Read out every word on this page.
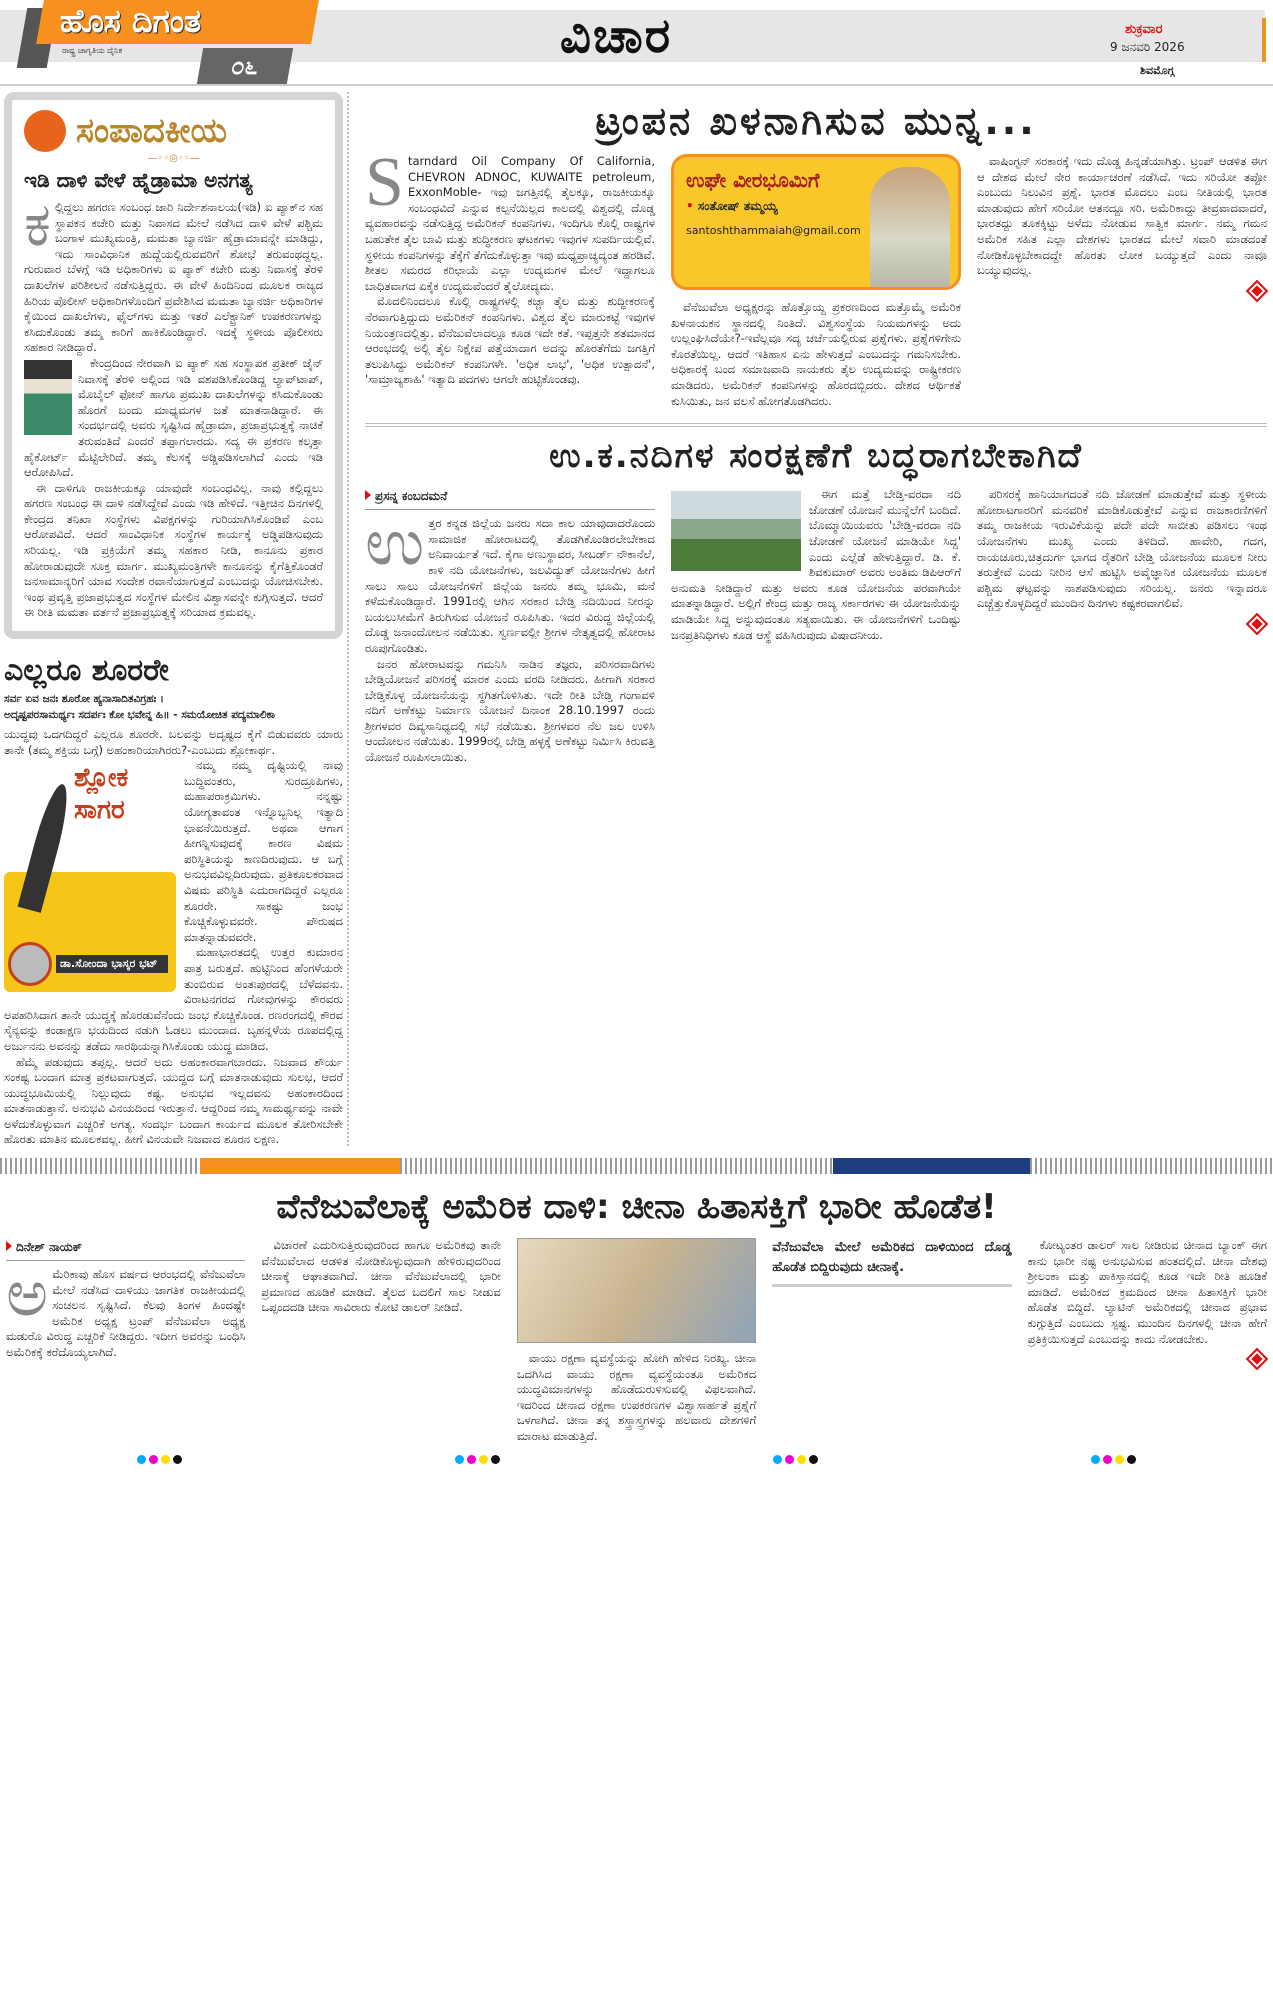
ಹೊಸ ದಿಗಂತ
ರಾಷ್ಟ್ರ ಜಾಗೃತಿಯ ದೈನಿಕ
೦೬
ವಿಚಾರ	ಶುಕ್ರವಾರ
9 ಜನವರಿ 2026
ಶಿವಮೊಗ್ಗ
ಸಂಪಾದಕೀಯ
—◦◦◎◦◦—
ಇಡಿ ದಾಳಿ ವೇಳೆ ಹೈಡ್ರಾಮಾ ಅನಗತ್ಯ
ಕ ಲ್ಲಿದ್ದಲು ಹಗರಣ ಸಂಬಂಧ ಜಾರಿ ನಿರ್ದೇಶನಾಲಯ(ಇಡಿ) ಐ ಪ್ಯಾಕ್‌ನ ಸಹ ಸ್ಥಾಪಕನ ಕಚೇರಿ ಮತ್ತು ನಿವಾಸದ ಮೇಲೆ ನಡೆಸಿದ ದಾಳಿ ವೇಳೆ ಪಶ್ಚಿಮ ಬಂಗಾಳ ಮುಖ್ಯಮಂತ್ರಿ, ಮಮತಾ ಬ್ಯಾನರ್ಜಿ ಹೈಡ್ರಾಮಾವನ್ನೇ ಮಾಡಿದ್ದು, ಇದು ಸಾಂವಿಧಾನಿಕ ಹುದ್ದೆಯಲ್ಲಿರುವವರಿಗೆ ಶೋಭೆ ತರುವಂಥದ್ದಲ್ಲ. ಗುರುವಾರ ಬೆಳಗ್ಗೆ ಇಡಿ ಅಧಿಕಾರಿಗಳು ಐ ಪ್ಯಾಕ್ ಕಚೇರಿ ಮತ್ತು ನಿವಾಸಕ್ಕೆ ತೆರಳಿ ದಾಖಲೆಗಳ ಪರಿಶೀಲನೆ ನಡೆಸುತ್ತಿದ್ದರು. ಈ ವೇಳೆ ಹಿಂದಿನಿಂದ ಮೂಲಕ ರಾಜ್ಯದ ಹಿರಿಯ ಪೊಲೀಸ್ ಅಧಿಕಾರಿಗಳೊಂದಿಗೆ ಪ್ರವೇಶಿಸಿದ ಮಮತಾ ಬ್ಯಾನರ್ಜಿ ಅಧಿಕಾರಿಗಳ ಕೈಯಿಂದ ದಾಖಲೆಗಳು, ಫೈಲ್‌ಗಳು ಮತ್ತು ಇತರೆ ಎಲೆಕ್ಟ್ರಾನಿಕ್ ಉಪಕರಣಗಳನ್ನು ಕಸಿದುಕೊಂಡು ತಮ್ಮ ಕಾರಿಗೆ ಹಾಕಿಕೊಂಡಿದ್ದಾರೆ. ಇದಕ್ಕೆ ಸ್ಥಳೀಯ ಪೊಲೀಸರು ಸಹಕಾರ ನೀಡಿದ್ದಾರೆ.

ಕೇಂದ್ರದಿಂದ ನೇರವಾಗಿ ಐ ಪ್ಯಾಕ್ ಸಹ ಸಂಸ್ಥಾಪಕ ಪ್ರತೀಕ್ ಜೈನ್ ನಿವಾಸಕ್ಕೆ ತೆರಳಿ ಅಲ್ಲಿಂದ ಇಡಿ ವಶಪಡಿಸಿಕೊಂಡಿದ್ದ ಲ್ಯಾಪ್‌ಟಾಪ್, ಮೊಬೈಲ್ ಫೋನ್ ಹಾಗೂ ಪ್ರಮುಖ ದಾಖಲೆಗಳನ್ನು ಕಸಿದುಕೊಂಡು ಹೊರಗೆ ಬಂದು ಮಾಧ್ಯಮಗಳ ಜತೆ ಮಾತನಾಡಿದ್ದಾರೆ. ಈ ಸಂದರ್ಭದಲ್ಲಿ ಅವರು ಸೃಷ್ಟಿಸಿದ ಹೈಡ್ರಾಮಾ, ಪ್ರಜಾಪ್ರಭುತ್ವಕ್ಕೆ ನಾಚಿಕೆ ತರುವಂತಿದೆ ಎಂದರೆ ತಪ್ಪಾಗಲಾರದು. ಸದ್ಯ ಈ ಪ್ರಕರಣ ಕಲ್ಕತ್ತಾ ಹೈಕೋರ್ಟ್ ಮೆಟ್ಟಿಲೇರಿದೆ. ತಮ್ಮ ಕೆಲಸಕ್ಕೆ ಅಡ್ಡಿಪಡಿಸಲಾಗಿದೆ ಎಂದು ಇಡಿ ಆರೋಪಿಸಿದೆ.

ಈ ದಾಳಿಗೂ ರಾಜಕೀಯಕ್ಕೂ ಯಾವುದೇ ಸಂಬಂಧವಿಲ್ಲ. ನಾವು ಕಲ್ಲಿದ್ದಲು ಹಗರಣ ಸಂಬಂಧ ಈ ದಾಳಿ ನಡೆಸಿದ್ದೇವೆ ಎಂದು ಇಡಿ ಹೇಳಿದೆ. ಇತ್ತೀಚಿನ ದಿನಗಳಲ್ಲಿ ಕೇಂದ್ರದ ತನಿಖಾ ಸಂಸ್ಥೆಗಳು ವಿಪಕ್ಷಗಳನ್ನು ಗುರಿಯಾಗಿಸಿಕೊಂಡಿವೆ ಎಂಬ ಆರೋಪವಿದೆ. ಆದರೆ ಸಾಂವಿಧಾನಿಕ ಸಂಸ್ಥೆಗಳ ಕಾರ್ಯಕ್ಕೆ ಅಡ್ಡಿಪಡಿಸುವುದು ಸರಿಯಲ್ಲ. ಇಡಿ ಪ್ರಕ್ರಿಯೆಗೆ ತಮ್ಮ ಸಹಕಾರ ನೀಡಿ, ಕಾನೂನು ಪ್ರಕಾರ ಹೋರಾಡುವುದೇ ಸೂಕ್ತ ಮಾರ್ಗ. ಮುಖ್ಯಮಂತ್ರಿಗಳೇ ಕಾನೂನನ್ನು ಕೈಗೆತ್ತಿಕೊಂಡರೆ ಜನಸಾಮಾನ್ಯರಿಗೆ ಯಾವ ಸಂದೇಶ ರವಾನೆಯಾಗುತ್ತದೆ ಎಂಬುದನ್ನು ಯೋಚಿಸಬೇಕು. ಇಂಥ ಪ್ರವೃತ್ತಿ ಪ್ರಜಾಪ್ರಭುತ್ವದ ಸಂಸ್ಥೆಗಳ ಮೇಲಿನ ವಿಶ್ವಾಸವನ್ನೇ ಕುಗ್ಗಿಸುತ್ತದೆ. ಆದರೆ ಈ ರೀತಿ ಮಮತಾ ವರ್ತನೆ ಪ್ರಜಾಪ್ರಭುತ್ವಕ್ಕೆ ಸರಿಯಾದ ಕ್ರಮವಲ್ಲ.

ಎಲ್ಲರೂ ಶೂರರೇ
ಸರ್ವ ಏವ ಜನಃ ಶೂರೋ ಹ್ಯನಾಸಾದಿತವಿಗ್ರಹಃ ।
ಅದೃಷ್ಟಪರಸಾಮರ್ಥ್ಯಃ ಸದರ್ಪಃ ಕೋ ಭವೇನ್ನ ಹಿ॥ - ಸಮಯೋಚಿತ ಪದ್ಯಮಾಲಿಕಾ

ಯುದ್ಧವು ಒದಗದಿದ್ದರೆ ಎಲ್ಲರೂ ಶೂರರೇ. ಬಲವನ್ನು ಅದೃಷ್ಟದ ಕೈಗೆ ಬಿಡುವವರು ಯಾರು ತಾನೇ (ತಮ್ಮ ಶಕ್ತಿಯ ಬಗ್ಗೆ) ಅಹಂಕಾರಿಯಾಗಿರರು?-ಎಂಬುದು ಶ್ಲೋಕಾರ್ಥ.

ಶ್ಲೋಕ ಸಾಗರ
ಡಾ.ಸೋಂದಾ ಭಾಸ್ಕರ ಭಟ್

ನಮ್ಮ ನಮ್ಮ ದೃಷ್ಟಿಯಲ್ಲಿ ನಾವು ಬುದ್ಧಿವಂತರು, ಸುರದ್ರೂಪಿಗಳು, ಮಹಾಪರಾಕ್ರಮಿಗಳು. ನನ್ನಷ್ಟು ಯೋಗ್ಯತಾವಂತ ಇನ್ನೊಬ್ಬನಿಲ್ಲ ಇತ್ಯಾದಿ ಭಾವನೆಯಿರುತ್ತದೆ. ಅಥವಾ ಆಗಾಗ ಹೀಗನ್ನಿಸುವುದಕ್ಕೆ ಕಾರಣ ವಿಷಮ ಪರಿಸ್ಥಿತಿಯನ್ನು ಕಾಣದಿರುವುದು. ಆ ಬಗ್ಗೆ ಅನುಭವವಿಲ್ಲದಿರುವುದು. ಪ್ರತಿಕೂಲಕರವಾದ ವಿಷಮ ಪರಿಸ್ಥಿತಿ ಎದುರಾಗದಿದ್ದರೆ ಎಲ್ಲರೂ ಶೂರರೇ. ಸಾಕಷ್ಟು ಜಂಭ ಕೊಚ್ಚಿಕೊಳ್ಳುವವರೇ. ಪೌರುಷದ ಮಾತನ್ನಾಡುವವರೇ.

ಮಹಾಭಾರತದಲ್ಲಿ ಉತ್ತರ ಕುಮಾರನ ಪಾತ್ರ ಬರುತ್ತದೆ. ಹುಟ್ಟಿನಿಂದ ಹೆಂಗಳೆಯರೇ ತುಂಬಿರುವ ಅಂತಃಪುರದಲ್ಲಿ ಬೆಳೆದವನು. ವಿರಾಟನಗರದ ಗೋವುಗಳನ್ನು ಕೌರವರು ಅಪಹರಿಸಿದಾಗ ತಾನೇ ಯುದ್ಧಕ್ಕೆ ಹೊರಡುವೆನೆಂದು ಜಂಭ ಕೊಚ್ಚಿಕೊಂಡ. ರಣರಂಗದಲ್ಲಿ ಕೌರವ ಸೈನ್ಯವನ್ನು ಕಂಡಾಕ್ಷಣ ಭಯದಿಂದ ನಡುಗಿ ಓಡಲು ಮುಂದಾದ. ಬೃಹನ್ನಳೆಯ ರೂಪದಲ್ಲಿದ್ದ ಅರ್ಜುನನು ಅವನನ್ನು ತಡೆದು ಸಾರಥಿಯನ್ನಾಗಿಸಿಕೊಂಡು ಯುದ್ಧ ಮಾಡಿದ.

ಹೆಮ್ಮೆ ಪಡುವುದು ತಪ್ಪಲ್ಲ. ಆದರೆ ಅದು ಅಹಂಕಾರವಾಗಬಾರದು. ನಿಜವಾದ ಶೌರ್ಯ ಸಂಕಷ್ಟ ಬಂದಾಗ ಮಾತ್ರ ಪ್ರಕಟವಾಗುತ್ತದೆ. ಯುದ್ಧದ ಬಗ್ಗೆ ಮಾತನಾಡುವುದು ಸುಲಭ, ಆದರೆ ಯುದ್ಧಭೂಮಿಯಲ್ಲಿ ನಿಲ್ಲುವುದು ಕಷ್ಟ. ಅನುಭವ ಇಲ್ಲದವನು ಅಹಂಕಾರದಿಂದ ಮಾತನಾಡುತ್ತಾನೆ. ಅನುಭವಿ ವಿನಯದಿಂದ ಇರುತ್ತಾನೆ. ಆದ್ದರಿಂದ ನಮ್ಮ ಸಾಮರ್ಥ್ಯವನ್ನು ನಾವೇ ಅಳೆದುಕೊಳ್ಳುವಾಗ ಎಚ್ಚರಿಕೆ ಅಗತ್ಯ. ಸಂದರ್ಭ ಬಂದಾಗ ಕಾರ್ಯದ ಮೂಲಕ ತೋರಿಸಬೇಕೇ ಹೊರತು ಮಾತಿನ ಮೂಲಕವಲ್ಲ. ಹೀಗೆ ವಿನಯವೇ ನಿಜವಾದ ಶೂರನ ಲಕ್ಷಣ.

ಟ್ರಂಪನ ಖಳನಾಗಿಸುವ ಮುನ್ನ...
S tarndard Oil Company Of California, CHEVRON ADNOC, KUWAITE petroleum, ExxonMoble- ಇವು ಜಗತ್ತಿನಲ್ಲಿ ತೈಲಕ್ಕೂ, ರಾಜಕೀಯಕ್ಕೂ ಸಂಬಂಧವಿದೆ ಎನ್ನುವ ಕಲ್ಪನೆಯಿಲ್ಲದ ಕಾಲದಲ್ಲಿ ವಿಶ್ವದಲ್ಲಿ ದೊಡ್ಡ ವ್ಯವಹಾರವನ್ನು ನಡೆಸುತ್ತಿದ್ದ ಅಮೆರಿಕನ್ ಕಂಪನಿಗಳು. ಇಂದಿಗೂ ಕೊಲ್ಲಿ ರಾಷ್ಟ್ರಗಳ ಬಹುತೇಕ ತೈಲ ಬಾವಿ ಮತ್ತು ಶುದ್ಧೀಕರಣ ಘಟಕಗಳು ಇವುಗಳ ಸುಪರ್ದಿಯಲ್ಲಿವೆ. ಸ್ಥಳೀಯ ಕಂಪನಿಗಳನ್ನು ತೆಕ್ಕೆಗೆ ತೆಗೆದುಕೊಳ್ಳುತ್ತಾ ಇವು ಮಧ್ಯಪ್ರಾಚ್ಯದ್ಯಂತ ಹರಡಿವೆ. ಶೀತಲ ಸಮರದ ಕರಿಛಾಯೆ ಎಲ್ಲಾ ಉದ್ಯಮಗಳ ಮೇಲೆ ಇದ್ದಾಗಲೂ ಬಾಧಿತವಾಗದ ಏಕೈಕ ಉದ್ಯಮವೆಂದರೆ ತೈಲೋದ್ಯಮ.

ಮೊದಲಿನಿಂದಲೂ ಕೊಲ್ಲಿ ರಾಷ್ಟ್ರಗಳಲ್ಲಿ ಕಚ್ಚಾ ತೈಲ ಮತ್ತು ಶುದ್ಧೀಕರಣಕ್ಕೆ ನೆರವಾಗುತ್ತಿದ್ದುದು ಅಮೆರಿಕನ್ ಕಂಪನಿಗಳು. ವಿಶ್ವದ ತೈಲ ಮಾರುಕಟ್ಟೆ ಇವುಗಳ ನಿಯಂತ್ರಣದಲ್ಲಿತ್ತು. ವೆನೆಜುವೆಲಾದಲ್ಲೂ ಕೂಡ ಇದೇ ಕತೆ. ಇಪ್ಪತ್ತನೇ ಶತಮಾನದ ಆರಂಭದಲ್ಲಿ ಅಲ್ಲಿ ತೈಲ ನಿಕ್ಷೇಪ ಪತ್ತೆಯಾದಾಗ ಅದನ್ನು ಹೊರತೆಗೆದು ಜಗತ್ತಿಗೆ ತಲುಪಿಸಿದ್ದು ಅಮೆರಿಕನ್ ಕಂಪನಿಗಳೇ. 'ಅಧಿಕ ಲಾಭ', 'ಅಧಿಕ ಉತ್ಪಾದನೆ', 'ಸಾಮ್ರಾಜ್ಯಶಾಹಿ' ಇತ್ಯಾದಿ ಪದಗಳು ಆಗಲೇ ಹುಟ್ಟಿಕೊಂಡವು.

ಉಘೇ ವೀರಭೂಮಿಗೆ
• ಸಂತೋಷ್ ತಮ್ಮಯ್ಯ
santoshthammaiah@gmail.com

ವೆನೆಜುವೆಲಾ ಅಧ್ಯಕ್ಷರನ್ನು ಹೊತ್ತೊಯ್ದ ಪ್ರಕರಣದಿಂದ ಮತ್ತೊಮ್ಮೆ ಅಮೆರಿಕ ಖಳನಾಯಕನ ಸ್ಥಾನದಲ್ಲಿ ನಿಂತಿದೆ. ವಿಶ್ವಸಂಸ್ಥೆಯ ನಿಯಮಗಳನ್ನು ಅದು ಉಲ್ಲಂಘಿಸಿದೆಯೇ?-ಇವೆಲ್ಲವೂ ಸದ್ಯ ಚರ್ಚೆಯಲ್ಲಿರುವ ಪ್ರಶ್ನೆಗಳು. ಪ್ರಶ್ನೆಗಳಿಗೇನು ಕೊರತೆಯಿಲ್ಲ. ಆದರೆ ಇತಿಹಾಸ ಏನು ಹೇಳುತ್ತದೆ ಎಂಬುದನ್ನು ಗಮನಿಸಬೇಕು. ಅಧಿಕಾರಕ್ಕೆ ಬಂದ ಸಮಾಜವಾದಿ ನಾಯಕರು ತೈಲ ಉದ್ಯಮವನ್ನು ರಾಷ್ಟ್ರೀಕರಣ ಮಾಡಿದರು. ಅಮೆರಿಕನ್ ಕಂಪನಿಗಳನ್ನು ಹೊರದಬ್ಬಿದರು. ದೇಶದ ಆರ್ಥಿಕತೆ ಕುಸಿಯಿತು, ಜನ ವಲಸೆ ಹೋಗತೊಡಗಿದರು.

ವಾಷಿಂಗ್ಟನ್ ಸರಕಾರಕ್ಕೆ ಇದು ದೊಡ್ಡ ಹಿನ್ನಡೆಯಾಗಿತ್ತು. ಟ್ರಂಪ್ ಆಡಳಿತ ಈಗ ಆ ದೇಶದ ಮೇಲೆ ನೇರ ಕಾರ್ಯಾಚರಣೆ ನಡೆಸಿದೆ. ಇದು ಸರಿಯೋ ತಪ್ಪೋ ಎಂಬುದು ನಿಲುವಿನ ಪ್ರಶ್ನೆ. ಭಾರತ ಮೊದಲು ಎಂಬ ನೀತಿಯಲ್ಲಿ ಭಾರತ ಮಾಡುವುದು ಹೇಗೆ ಸರಿಯೋ ಆತನದ್ದೂ ಸರಿ. ಅಮೆರಿಕಾದ್ದು ತೀವ್ರವಾದವಾದರೆ, ಭಾರತದ್ದು ತೂಕಕ್ಕಿಟ್ಟು ಅಳೆದು ನೋಡುವ ಸಾತ್ವಿಕ ಮಾರ್ಗ. ನಮ್ಮ ಗಮನ ಅಮೆರಿಕ ಸಹಿತ ಎಲ್ಲಾ ದೇಶಗಳು ಭಾರತದ ಮೇಲೆ ಸವಾರಿ ಮಾಡದಂತೆ ನೋಡಿಕೊಳ್ಳಬೇಕಾದದ್ದೇ ಹೊರತು ಲೋಕ ಬಯ್ಯುತ್ತದೆ ಎಂದು ನಾವೂ ಬಯ್ಯುವುದಲ್ಲ.

ಉ.ಕ.ನದಿಗಳ ಸಂರಕ್ಷಣೆಗೆ ಬದ್ಧರಾಗಬೇಕಾಗಿದೆ
ಪ್ರಸನ್ನ ಕಂಬದಮನೆ
ಉ ತ್ತರ ಕನ್ನಡ ಜಿಲ್ಲೆಯ ಜನರು ಸದಾ ಕಾಲ ಯಾವುದಾದರೊಂದು ಸಾಮಾಜಿಕ ಹೋರಾಟದಲ್ಲಿ ತೊಡಗಿಕೊಂಡಿರಲೇಬೇಕಾದ ಅನಿವಾರ್ಯತೆ ಇದೆ. ಕೈಗಾ ಅಣುಸ್ಥಾವರ, ಸೀಬರ್ಡ್ ನೌಕಾನೆಲೆ, ಕಾಳಿ ನದಿ ಯೋಜನೆಗಳು, ಜಲವಿದ್ಯುತ್ ಯೋಜನೆಗಳು ಹೀಗೆ ಸಾಲು ಸಾಲು ಯೋಜನೆಗಳಿಗೆ ಜಿಲ್ಲೆಯ ಜನರು ತಮ್ಮ ಭೂಮಿ, ಮನೆ ಕಳೆದುಕೊಂಡಿದ್ದಾರೆ. 1991ರಲ್ಲಿ ಆಗಿನ ಸರಕಾರ ಬೇಡ್ತಿ ನದಿಯಿಂದ ನೀರನ್ನು ಬಯಲುಸೀಮೆಗೆ ತಿರುಗಿಸುವ ಯೋಜನೆ ರೂಪಿಸಿತು. ಇದರ ವಿರುದ್ಧ ಜಿಲ್ಲೆಯಲ್ಲಿ ದೊಡ್ಡ ಜನಾಂದೋಲನ ನಡೆಯಿತು. ಸ್ವರ್ಣವಲ್ಲೀ ಶ್ರೀಗಳ ನೇತೃತ್ವದಲ್ಲಿ ಹೋರಾಟ ರೂಪುಗೊಂಡಿತು.

ಜನರ ಹೋರಾಟವನ್ನು ಗಮನಿಸಿ ನಾಡಿನ ತಜ್ಞರು, ಪರಿಸರವಾದಿಗಳು ಬೇಡ್ತಿಯೋಜನೆ ಪರಿಸರಕ್ಕೆ ಮಾರಕ ಎಂದು ವರದಿ ನೀಡಿದರು. ಹೀಗಾಗಿ ಸರಕಾರ ಬೇಡ್ತಿಕೊಳ್ಳ ಯೋಜನೆಯನ್ನು ಸ್ಥಗಿತಗೊಳಿಸಿತು. ಇದೇ ರೀತಿ ಬೇಡ್ತಿ ಗಂಗಾವಳಿ ನದಿಗೆ ಅಣೆಕಟ್ಟು ನಿರ್ಮಾಣ ಯೋಜನೆ ದಿನಾಂಕ 28.10.1997 ರಂದು ಶ್ರೀಗಳವರ ದಿವ್ಯಸಾನಿಧ್ಯದಲ್ಲಿ ಸಭೆ ನಡೆಯಿತು. ಶ್ರೀಗಳವರ ನೆಲ ಜಲ ಉಳಿಸಿ ಆಂದೋಲನ ನಡೆಯಿತು. 1999ರಲ್ಲಿ ಬೇಡ್ತಿ ಹಳ್ಳಕ್ಕೆ ಅಣೆಕಟ್ಟು ನಿರ್ಮಿಸಿ ಕಿರುವತ್ತಿ ಯೋಜನೆ ರೂಪಿಸಲಾಯಿತು.

ಈಗ ಮತ್ತೆ ಬೇಡ್ತಿ-ವರದಾ ನದಿ ಜೋಡಣೆ ಯೋಜನೆ ಮುನ್ನೆಲೆಗೆ ಬಂದಿದೆ. ಬೊಮ್ಮಾಯಿಯವರು 'ಬೇಡ್ತಿ-ವರದಾ ನದಿ ಜೋಡಣೆ ಯೋಜನೆ ಮಾಡಿಯೇ ಸಿದ್ದ' ಎಂದು ಎಲ್ಲೆಡೆ ಹೇಳುತ್ತಿದ್ದಾರೆ. ಡಿ. ಕೆ. ಶಿವಕುಮಾರ್ ಅವರು ಅಂತಿಮ ಡಿಪಿಆರ್‌ಗೆ ಅನುಮತಿ ನೀಡಿದ್ದಾರೆ ಮತ್ತು ಅವರು ಕೂಡ ಯೋಜನೆಯ ಪರವಾಗಿಯೇ ಮಾತನ್ನಾಡಿದ್ದಾರೆ. ಅಲ್ಲಿಗೆ ಕೇಂದ್ರ ಮತ್ತು ರಾಜ್ಯ ಸರ್ಕಾರಗಳು ಈ ಯೋಜನೆಯನ್ನು ಮಾಡಿಯೇ ಸಿದ್ದ ಅನ್ನುವುದಂತೂ ಸತ್ಯವಾಯಿತು. ಈ ಯೋಜನೆಗಳಿಗೆ ಒಂದಿಷ್ಟು ಜನಪ್ರತಿನಿಧಿಗಳು ಕೂಡ ಆಸ್ಥೆ ವಹಿಸಿರುವುದು ವಿಷಾದನೀಯ.

ಪರಿಸರಕ್ಕೆ ಹಾನಿಯಾಗದಂತೆ ನದಿ ಜೋಡಣೆ ಮಾಡುತ್ತೇವೆ ಮತ್ತು ಸ್ಥಳೀಯ ಹೋರಾಟಗಾರರಿಗೆ ಮನವರಿಕೆ ಮಾಡಿಕೊಡುತ್ತೇವೆ ಎನ್ನುವ ರಾಜಕಾರಣಿಗಳಿಗೆ ತಮ್ಮ ರಾಜಕೀಯ ಇರುವಿಕೆಯನ್ನು ಪದೇ ಪದೇ ಸಾಬೀತು ಪಡಿಸಲು ಇಂಥ ಯೋಜನೆಗಳು ಮುಖ್ಯ ಎಂದು ತಿಳಿದಿದೆ. ಹಾವೇರಿ, ಗದಗ, ರಾಯಚೂರು,ಚಿತ್ರದುರ್ಗ ಭಾಗದ ರೈತರಿಗೆ ಬೇಡ್ತಿ ಯೋಜನೆಯ ಮೂಲಕ ನೀರು ತರುತ್ತೇವೆ ಎಂದು ನೀರಿನ ಆಸೆ ಹುಟ್ಟಿಸಿ ಅವೈಜ್ಞಾನಿಕ ಯೋಜನೆಯ ಮೂಲಕ ಪಶ್ಚಿಮ ಘಟ್ಟವನ್ನು ನಾಶಪಡಿಸುವುದು ಸರಿಯಲ್ಲ. ಜನರು ಇನ್ನಾದರೂ ಎಚ್ಚೆತ್ತುಕೊಳ್ಳದಿದ್ದರೆ ಮುಂದಿನ ದಿನಗಳು ಕಷ್ಟಕರವಾಗಲಿವೆ.

ವೆನೆಜುವೆಲಾಕ್ಕೆ ಅಮೆರಿಕ ದಾಳಿ: ಚೀನಾ ಹಿತಾಸಕ್ತಿಗೆ ಭಾರೀ ಹೊಡೆತ!
ದಿನೇಶ್ ನಾಯಕ್
ಅ ಮೆರಿಕಾವು ಹೊಸ ವರ್ಷದ ಆರಂಭದಲ್ಲಿ ವೆನೆಜುವೆಲಾ ಮೇಲೆ ನಡೆಸಿದ ದಾಳಿಯು ಜಾಗತಿಕ ರಾಜಕೀಯದಲ್ಲಿ ಸಂಚಲನ ಸೃಷ್ಟಿಸಿದೆ. ಕೆಲವು ತಿಂಗಳ ಹಿಂದಷ್ಟೇ ಅಮೆರಿಕ ಅಧ್ಯಕ್ಷ ಟ್ರಂಪ್ ವೆನೆಜುವೆಲಾ ಅಧ್ಯಕ್ಷ ಮಡುರೊ ವಿರುದ್ಧ ಎಚ್ಚರಿಕೆ ನೀಡಿದ್ದರು. ಇದೀಗ ಅವರನ್ನು ಬಂಧಿಸಿ ಅಮೆರಿಕಕ್ಕೆ ಕರೆದೊಯ್ಯಲಾಗಿದೆ.

ವಿಚಾರಣೆ ಎದುರಿಸುತ್ತಿರುವುದರಿಂದ ಹಾಗೂ ಅಮೆರಿಕವು ತಾನೇ ವೆನೆಜುವೆಲಾದ ಆಡಳಿತ ನೋಡಿಕೊಳ್ಳುವುದಾಗಿ ಹೇಳಿರುವುದರಿಂದ ಚೀನಾಕ್ಕೆ ಆಘಾತವಾಗಿದೆ. ಚೀನಾ ವೆನೆಜುವೆಲಾದಲ್ಲಿ ಭಾರೀ ಪ್ರಮಾಣದ ಹೂಡಿಕೆ ಮಾಡಿದೆ. ತೈಲದ ಬದಲಿಗೆ ಸಾಲ ನೀಡುವ ಒಪ್ಪಂದದಡಿ ಚೀನಾ ಸಾವಿರಾರು ಕೋಟಿ ಡಾಲರ್ ನೀಡಿದೆ.

ವಾಯು ರಕ್ಷಣಾ ವ್ಯವಸ್ಥೆಯನ್ನು ಹೋಗಿ ಹೇಳಿದ ನಿರಖ್ಯ. ಚೀನಾ ಒದಗಿಸಿದ ವಾಯು ರಕ್ಷಣಾ ವ್ಯವಸ್ಥೆಯಂತೂ ಅಮೆರಿಕದ ಯುದ್ಧವಿಮಾನಗಳನ್ನು ಹೊಡೆದುರುಳಿಸುವಲ್ಲಿ ವಿಫಲವಾಗಿದೆ. ಇದರಿಂದ ಚೀನಾದ ರಕ್ಷಣಾ ಉಪಕರಣಗಳ ವಿಶ್ವಾಸಾರ್ಹತೆ ಪ್ರಶ್ನೆಗೆ ಒಳಗಾಗಿದೆ. ಚೀನಾ ತನ್ನ ಶಸ್ತ್ರಾಸ್ತ್ರಗಳನ್ನು ಹಲವಾರು ದೇಶಗಳಿಗೆ ಮಾರಾಟ ಮಾಡುತ್ತಿದೆ.

ವೆನೆಜುವೆಲಾ ಮೇಲೆ ಅಮೆರಿಕದ ದಾಳಿಯಿಂದ ದೊಡ್ಡ ಹೊಡೆತ ಬಿದ್ದಿರುವುದು ಚೀನಾಕ್ಕೆ.

ಕೋಟ್ಯಂತರ ಡಾಲರ್ ಸಾಲ ನೀಡಿರುವ ಚೀನಾದ ಬ್ಯಾಂಕ್ ಈಗ ಕಾನು ಭಾರೀ ನಷ್ಟ ಅನುಭವಿಸುವ ಹಂತದಲ್ಲಿದೆ. ಚೀನಾ ದೇಶವು ಶ್ರೀಲಂಕಾ ಮತ್ತು ಪಾಕಿಸ್ತಾನದಲ್ಲಿ ಕೂಡ ಇದೇ ರೀತಿ ಹೂಡಿಕೆ ಮಾಡಿದೆ. ಅಮೆರಿಕದ ಕ್ರಮದಿಂದ ಚೀನಾ ಹಿತಾಸಕ್ತಿಗೆ ಭಾರೀ ಹೊಡೆತ ಬಿದ್ದಿದೆ. ಲ್ಯಾಟಿನ್ ಅಮೆರಿಕದಲ್ಲಿ ಚೀನಾದ ಪ್ರಭಾವ ಕುಗ್ಗುತ್ತಿದೆ ಎಂಬುದು ಸ್ಪಷ್ಟ. ಮುಂದಿನ ದಿನಗಳಲ್ಲಿ ಚೀನಾ ಹೇಗೆ ಪ್ರತಿಕ್ರಿಯಿಸುತ್ತದೆ ಎಂಬುದನ್ನು ಕಾದು ನೋಡಬೇಕು.
